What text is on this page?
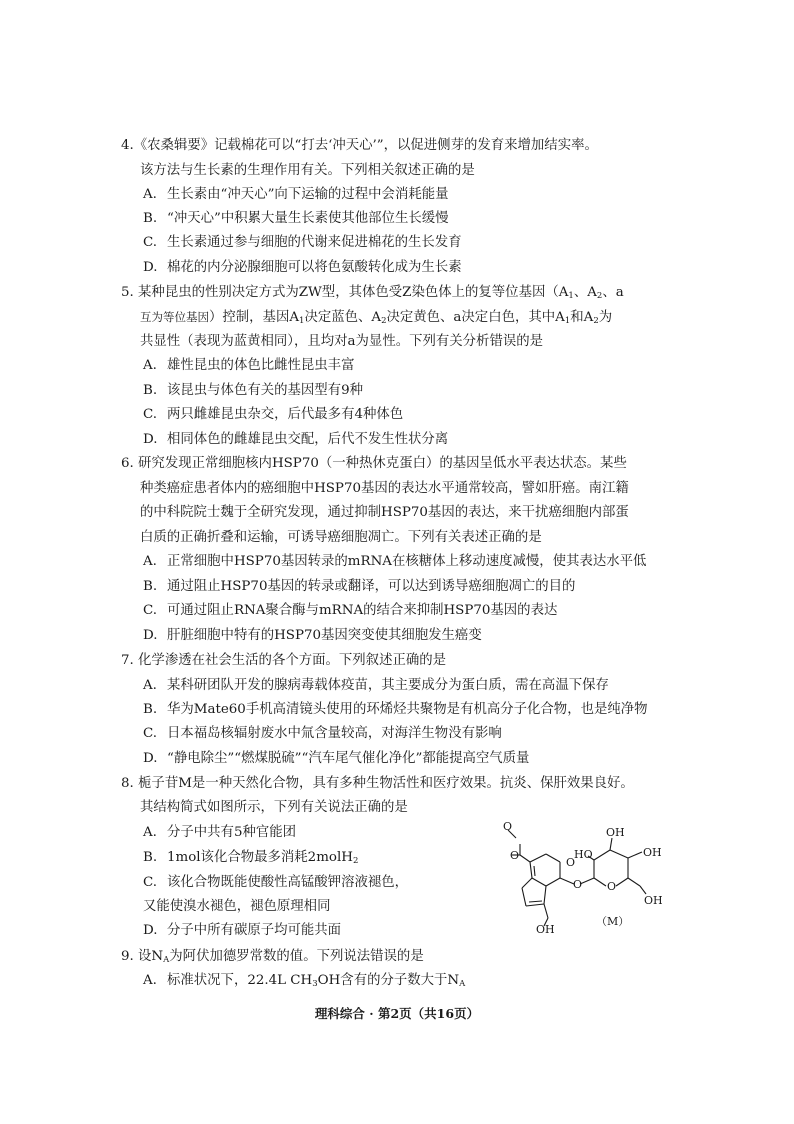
4.《农桑辑要》记载棉花可以“打去‘冲天心’”，以促进侧芽的发育来增加结实率。
该方法与生长素的生理作用有关。下列相关叙述正确的是
A. 生长素由“冲天心”向下运输的过程中会消耗能量
B. “冲天心”中积累大量生长素使其他部位生长缓慢
C. 生长素通过参与细胞的代谢来促进棉花的生长发育
D. 棉花的内分泌腺细胞可以将色氨酸转化成为生长素
5. 某种昆虫的性别决定方式为ZW型，其体色受Z染色体上的复等位基因（$A_1$、$A_2$、a
互为等位基因）控制，基因$A_1$决定蓝色、$A_2$决定黄色、a决定白色，其中$A_1$和$A_2$为
共显性（表现为蓝黄相同），且均对a为显性。下列有关分析错误的是
A. 雄性昆虫的体色比雌性昆虫丰富
B. 该昆虫与体色有关的基因型有9种
C. 两只雌雄昆虫杂交，后代最多有4种体色
D. 相同体色的雌雄昆虫交配，后代不发生性状分离
6. 研究发现正常细胞核内HSP70（一种热休克蛋白）的基因呈低水平表达状态。某些
种类癌症患者体内的癌细胞中HSP70基因的表达水平通常较高，譬如肝癌。南江籍
的中科院院士魏于全研究发现，通过抑制HSP70基因的表达，来干扰癌细胞内部蛋
白质的正确折叠和运输，可诱导癌细胞凋亡。下列有关表述正确的是
A. 正常细胞中HSP70基因转录的mRNA在核糖体上移动速度减慢，使其表达水平低
B. 通过阻止HSP70基因的转录或翻译，可以达到诱导癌细胞凋亡的目的
C. 可通过阻止RNA聚合酶与mRNA的结合来抑制HSP70基因的表达
D. 肝脏细胞中特有的HSP70基因突变使其细胞发生癌变
7. 化学渗透在社会生活的各个方面。下列叙述正确的是
A. 某科研团队开发的腺病毒载体疫苗，其主要成分为蛋白质，需在高温下保存
B. 华为Mate60手机高清镜头使用的环烯烃共聚物是有机高分子化合物，也是纯净物
C. 日本福岛核辐射废水中氚含量较高，对海洋生物没有影响
D. “静电除尘”“燃煤脱硫”“汽车尾气催化净化”都能提高空气质量
8. 栀子苷M是一种天然化合物，具有多种生物活性和医疗效果。抗炎、保肝效果良好。
其结构简式如图所示，下列有关说法正确的是
A. 分子中共有5种官能团
B. 1mol该化合物最多消耗2molH$_2$
C. 该化合物既能使酸性高锰酸钾溶液褪色，
又能使溴水褪色，褪色原理相同
D. 分子中所有碳原子均可能共面
O
O
O
O O
OH
HO	OH
OH
OH
（M）
9. 设$N_A$为阿伏加德罗常数的值。下列说法错误的是
A. 标准状况下，22.4L $CH_3OH$含有的分子数大于$N_A$
理科综合 · 第2页（共16页）
